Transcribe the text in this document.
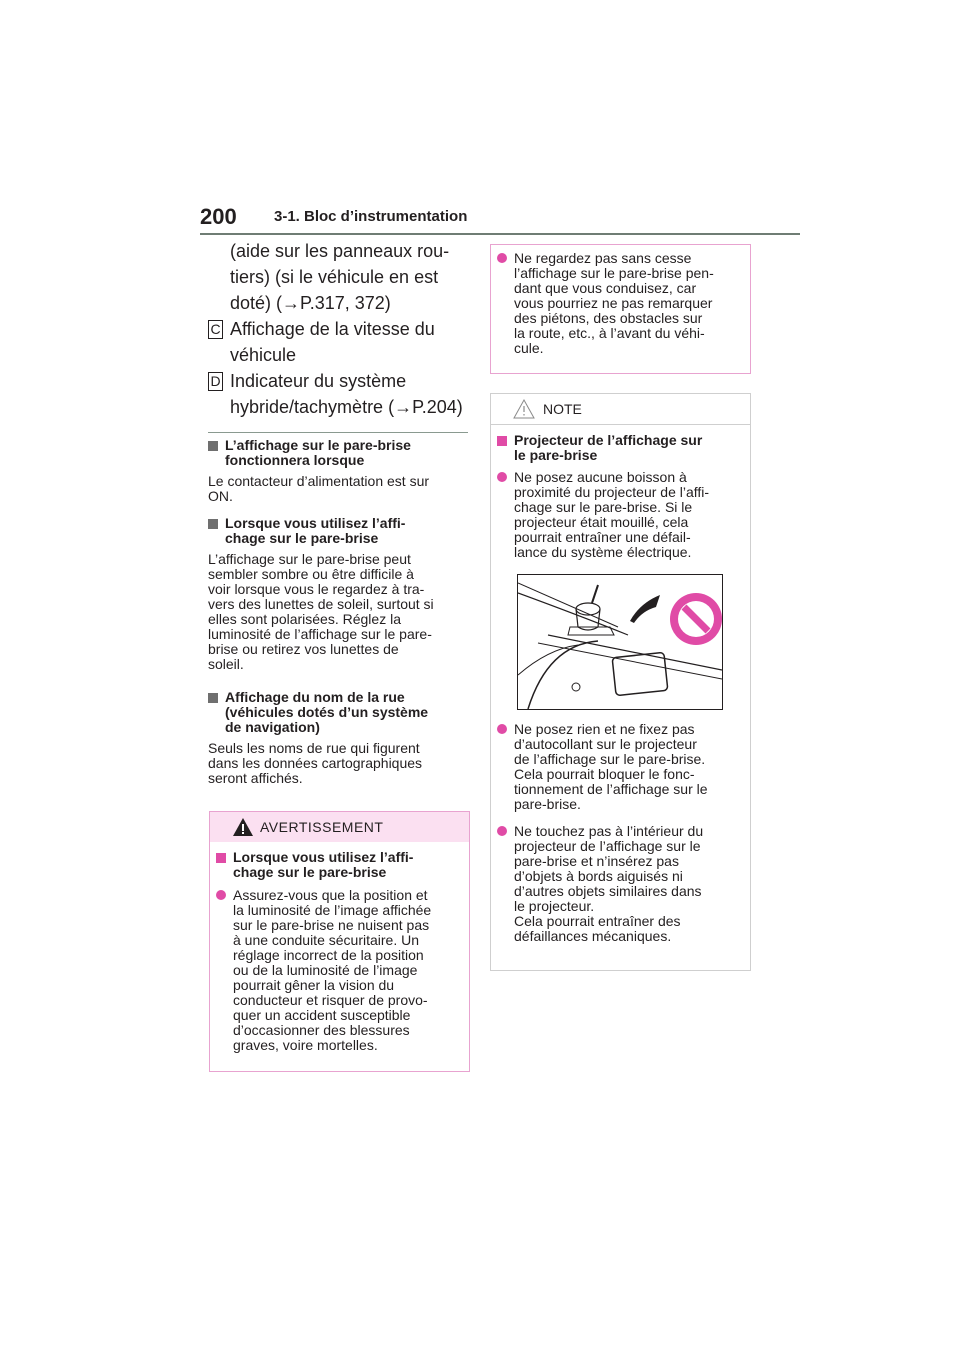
200 3-1. Bloc d’instrumentation
(aide sur les panneaux rou-
tiers) (si le véhicule en est
doté) (→P.317, 372)
C Affichage de la vitesse du
véhicule
D Indicateur du système
hybride/tachymètre (→P.204)
L’affichage sur le pare-brise
fonctionnera lorsque
Le contacteur d’alimentation est sur
ON.
Lorsque vous utilisez l’affi-
chage sur le pare-brise
L’affichage sur le pare-brise peut
sembler sombre ou être difficile à
voir lorsque vous le regardez à tra-
vers des lunettes de soleil, surtout si
elles sont polarisées. Réglez la
luminosité de l’affichage sur le pare-
brise ou retirez vos lunettes de
soleil.
Affichage du nom de la rue
(véhicules dotés d’un système
de navigation)
Seuls les noms de rue qui figurent
dans les données cartographiques
seront affichés.
AVERTISSEMENT
Lorsque vous utilisez l’affi-
chage sur le pare-brise
Assurez-vous que la position et
la luminosité de l’image affichée
sur le pare-brise ne nuisent pas
à une conduite sécuritaire. Un
réglage incorrect de la position
ou de la luminosité de l’image
pourrait gêner la vision du
conducteur et risquer de provo-
quer un accident susceptible
d’occasionner des blessures
graves, voire mortelles.
Ne regardez pas sans cesse
l’affichage sur le pare-brise pen-
dant que vous conduisez, car
vous pourriez ne pas remarquer
des piétons, des obstacles sur
la route, etc., à l’avant du véhi-
cule.
NOTE
Projecteur de l’affichage sur
le pare-brise
Ne posez aucune boisson à
proximité du projecteur de l’affi-
chage sur le pare-brise. Si le
projecteur était mouillé, cela
pourrait entraîner une défail-
lance du système électrique.
Ne posez rien et ne fixez pas
d’autocollant sur le projecteur
de l’affichage sur le pare-brise.
Cela pourrait bloquer le fonc-
tionnement de l’affichage sur le
pare-brise.
Ne touchez pas à l’intérieur du
projecteur de l’affichage sur le
pare-brise et n’insérez pas
d’objets à bords aiguisés ni
d’autres objets similaires dans
le projecteur.
Cela pourrait entraîner des
défaillances mécaniques.
